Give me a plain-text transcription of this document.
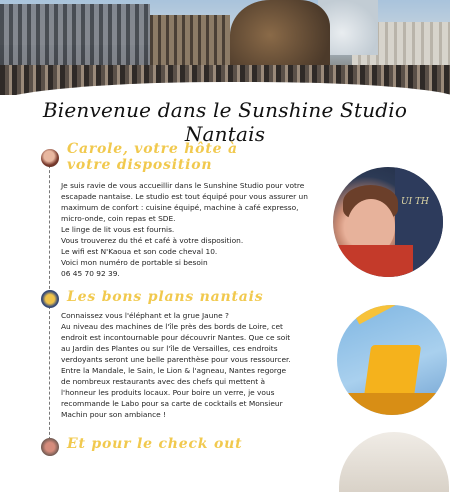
Bienvenue dans le Sunshine Studio Nantais
Carole, votre hôte à
votre disposition
Je suis ravie de vous accueillir dans le Sunshine Studio pour votre
escapade nantaise. Le studio est tout équipé pour vous assurer un
maximum de confort : cuisine équipé, machine à café expresso,
micro-onde, coin repas et SDE.
Le linge de lit vous est fournis.
Vous trouverez du thé et café à votre disposition.
Le wifi est N'Kaoua et son code cheval 10.
Voici mon numéro de portable si besoin
06 45 70 92 39.
UI TH
Les bons plans nantais
Connaissez vous l'éléphant et la grue Jaune ?
Au niveau des machines de l'île près des bords de Loire, cet
endroit est incontournable pour découvrir Nantes. Que ce soit
au Jardin des Plantes ou sur l'île de Versailles, ces endroits
verdoyants seront une belle parenthèse pour vous ressourcer.
Entre la Mandale, le Sain, le Lion & l'agneau, Nantes regorge
de nombreux restaurants avec des chefs qui mettent à
l'honneur les produits locaux. Pour boire un verre, je vous
recommande le Labo pour sa carte de cocktails et Monsieur
Machin pour son ambiance !
Et pour le check out
